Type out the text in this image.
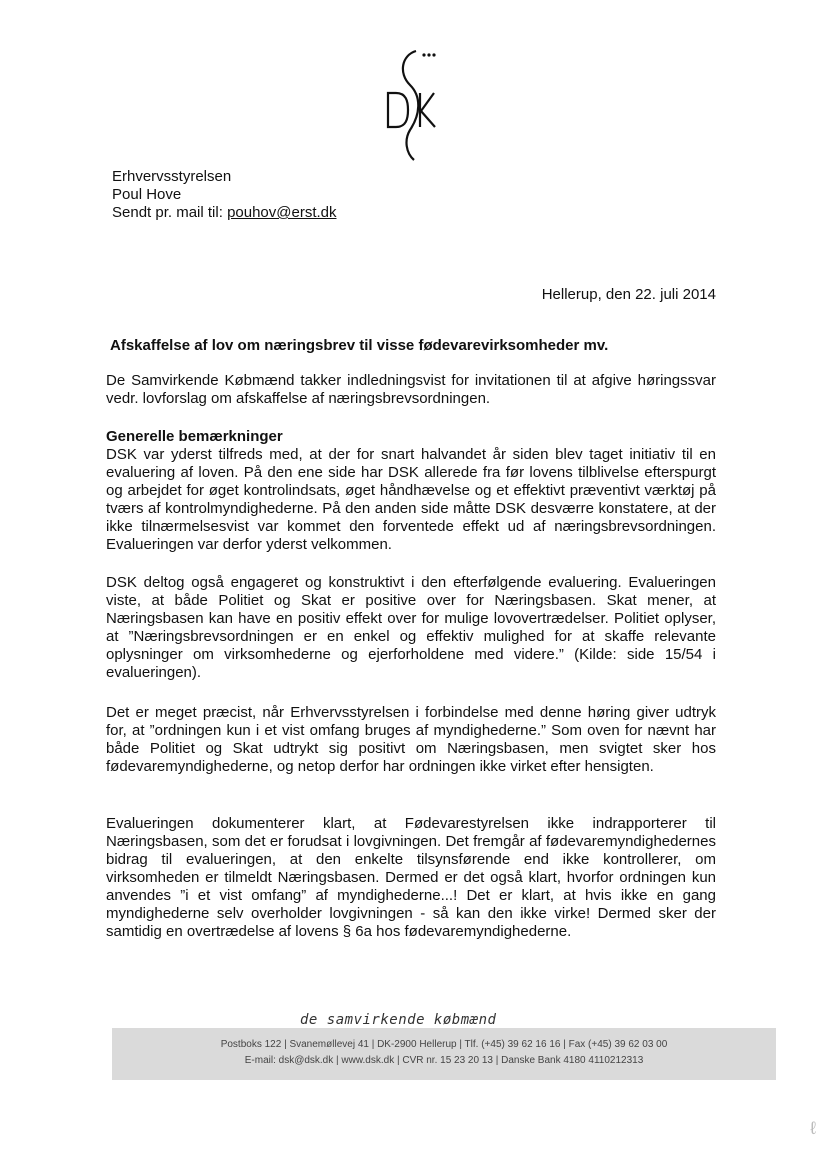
Erhvervsstyrelsen
Poul Hove
Sendt pr. mail til: pouhov@erst.dk
Hellerup, den 22. juli 2014
Afskaffelse af lov om næringsbrev til visse fødevarevirksomheder mv.
De Samvirkende Købmænd takker indledningsvist for invitationen til at afgive høringssvar vedr. lovforslag om afskaffelse af næringsbrevsordningen.
Generelle bemærkninger
DSK var yderst tilfreds med, at der for snart halvandet år siden blev taget initiativ til en evaluering af loven. På den ene side har DSK allerede fra før lovens tilblivelse efterspurgt og arbejdet for øget kontrolindsats, øget håndhævelse og et effektivt præventivt værktøj på tværs af kontrolmyndighederne. På den anden side måtte DSK desværre konstatere, at der ikke tilnærmelsesvist var kommet den forventede effekt ud af næringsbrevsordningen. Evalueringen var derfor yderst velkommen.
DSK deltog også engageret og konstruktivt i den efterfølgende evaluering. Evalueringen viste, at både Politiet og Skat er positive over for Næringsbasen. Skat mener, at Næringsbasen kan have en positiv effekt over for mulige lovovertrædelser. Politiet oplyser, at ”Næringsbrevsordningen er en enkel og effektiv mulighed for at skaffe relevante oplysninger om virksomhederne og ejerforholdene med videre.” (Kilde: side 15/54 i evalueringen).
Det er meget præcist, når Erhvervsstyrelsen i forbindelse med denne høring giver udtryk for, at ”ordningen kun i et vist omfang bruges af myndighederne.” Som oven for nævnt har både Politiet og Skat udtrykt sig positivt om Næringsbasen, men svigtet sker hos fødevaremyndighederne, og netop derfor har ordningen ikke virket efter hensigten.
Evalueringen dokumenterer klart, at Fødevarestyrelsen ikke indrapporterer til Næringsbasen, som det er forudsat i lovgivningen. Det fremgår af fødevaremyndighedernes bidrag til evalueringen, at den enkelte tilsynsførende end ikke kontrollerer, om virksomheden er tilmeldt Næringsbasen. Dermed er det også klart, hvorfor ordningen kun anvendes ”i et vist omfang” af myndighederne...! Det er klart, at hvis ikke en gang myndighederne selv overholder lovgivningen - så kan den ikke virke! Dermed sker der samtidig en overtrædelse af lovens § 6a hos fødevaremyndighederne.
de samvirkende købmænd
Postboks 122 | Svanemøllevej 41 | DK-2900 Hellerup | Tlf. (+45) 39 62 16 16 | Fax (+45) 39 62 03 00
E-mail: dsk@dsk.dk | www.dsk.dk | CVR nr. 15 23 20 13 | Danske Bank 4180 4110212313
ℓ
